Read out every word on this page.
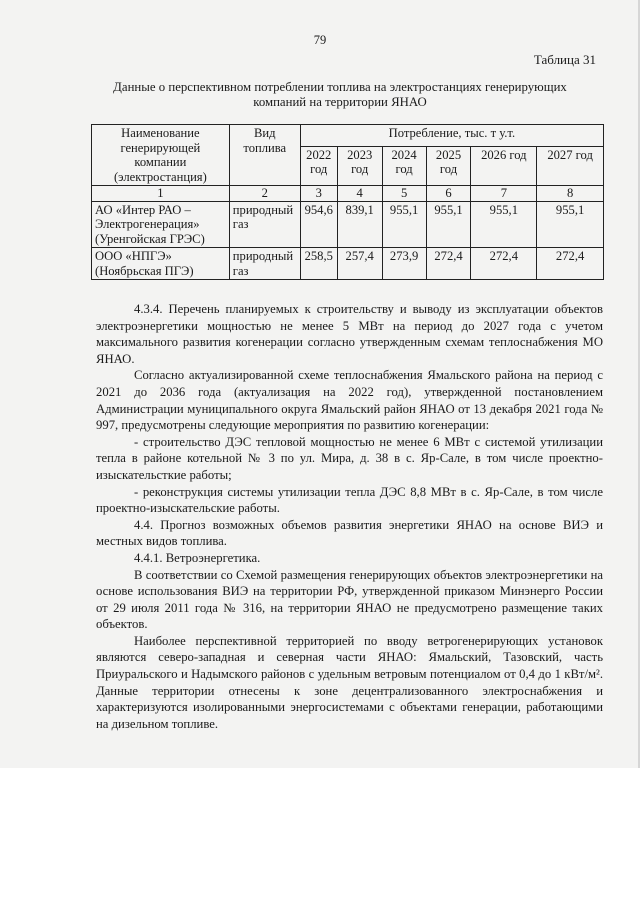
79
Таблица 31
Данные о перспективном потреблении топлива на электростанциях генерирующих компаний на территории ЯНАО
Наименование генерирующей компании (электростанция)	Вид топлива	Потребление, тыс. т у.т.					
		2022 год	2023 год	2024 год	2025 год	2026 год	2027 год
1	2	3	4	5	6	7	8
АО «Интер РАО – Электрогенерация» (Уренгойская ГРЭС)	природный газ	954,6	839,1	955,1	955,1	955,1	955,1
ООО «НПГЭ» (Ноябрьская ПГЭ)	природный газ	258,5	257,4	273,9	272,4	272,4	272,4

4.3.4. Перечень планируемых к строительству и выводу из эксплуатации объектов электроэнергетики мощностью не менее 5 МВт на период до 2027 года с учетом максимального развития когенерации согласно утвержденным схемам теплоснабжения МО ЯНАО.

Согласно актуализированной схеме теплоснабжения Ямальского района на период с 2021 до 2036 года (актуализация на 2022 год), утвержденной постановлением Администрации муниципального округа Ямальский район ЯНАО от 13 декабря 2021 года № 997, предусмотрены следующие мероприятия по развитию когенерации:

- строительство ДЭС тепловой мощностью не менее 6 МВт с системой утилизации тепла в районе котельной № 3 по ул. Мира, д. 38 в с. Яр-Сале, в том числе проектно-изыскательсткие работы;

- реконструкция системы утилизации тепла ДЭС 8,8 МВт в с. Яр-Сале, в том числе проектно-изыскательские работы.

4.4. Прогноз возможных объемов развития энергетики ЯНАО на основе ВИЭ и местных видов топлива.

4.4.1. Ветроэнергетика.

В соответствии со Схемой размещения генерирующих объектов электроэнергетики на основе использования ВИЭ на территории РФ, утвержденной приказом Минэнерго России от 29 июля 2011 года № 316, на территории ЯНАО не предусмотрено размещение таких объектов.

Наиболее перспективной территорией по вводу ветрогенерирующих установок являются северо-западная и северная части ЯНАО: Ямальский, Тазовский, часть Приуральского и Надымского районов с удельным ветровым потенциалом от 0,4 до 1 кВт/м². Данные территории отнесены к зоне децентрализованного электроснабжения и характеризуются изолированными энергосистемами с объектами генерации, работающими на дизельном топливе.
